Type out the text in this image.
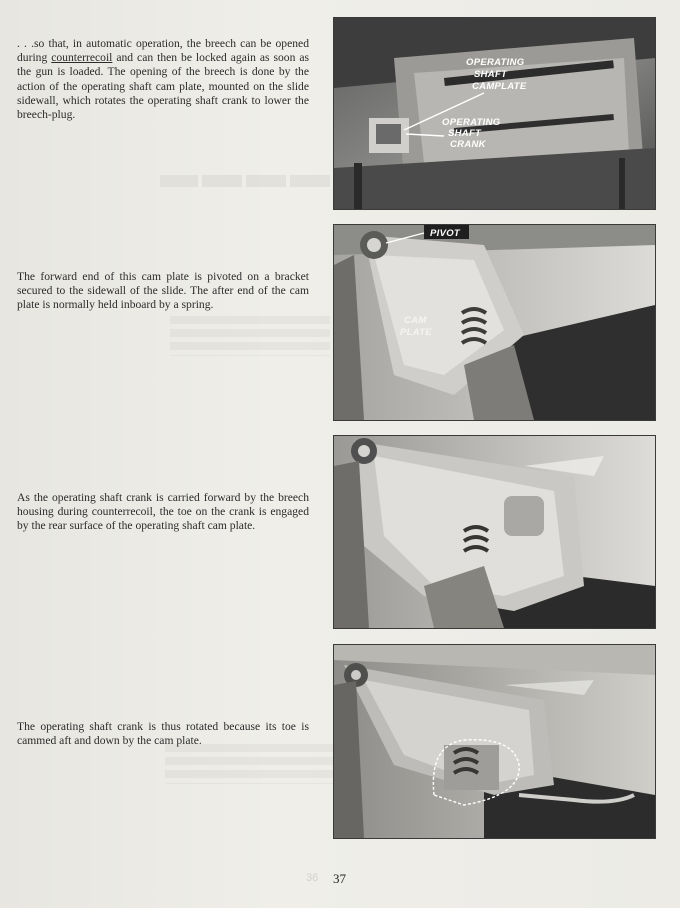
. . .so that, in automatic operation, the breech can be opened during counterrecoil and can then be locked again as soon as the gun is loaded. The opening of the breech is done by the action of the operating shaft cam plate, mounted on the slide sidewall, which rotates the operating shaft crank to lower the breech-plug.

The forward end of this cam plate is pivoted on a bracket secured to the sidewall of the slide. The after end of the cam plate is normally held inboard by a spring.

As the operating shaft crank is carried forward by the breech housing during counterrecoil, the toe on the crank is engaged by the rear surface of the operating shaft cam plate.

The operating shaft crank is thus rotated because its toe is cammed aft and down by the cam plate.

OPERATING
SHAFT
CAMPLATE
OPERATING
SHAFT
CRANK
PIVOT
CAM
PLATE
36 37
